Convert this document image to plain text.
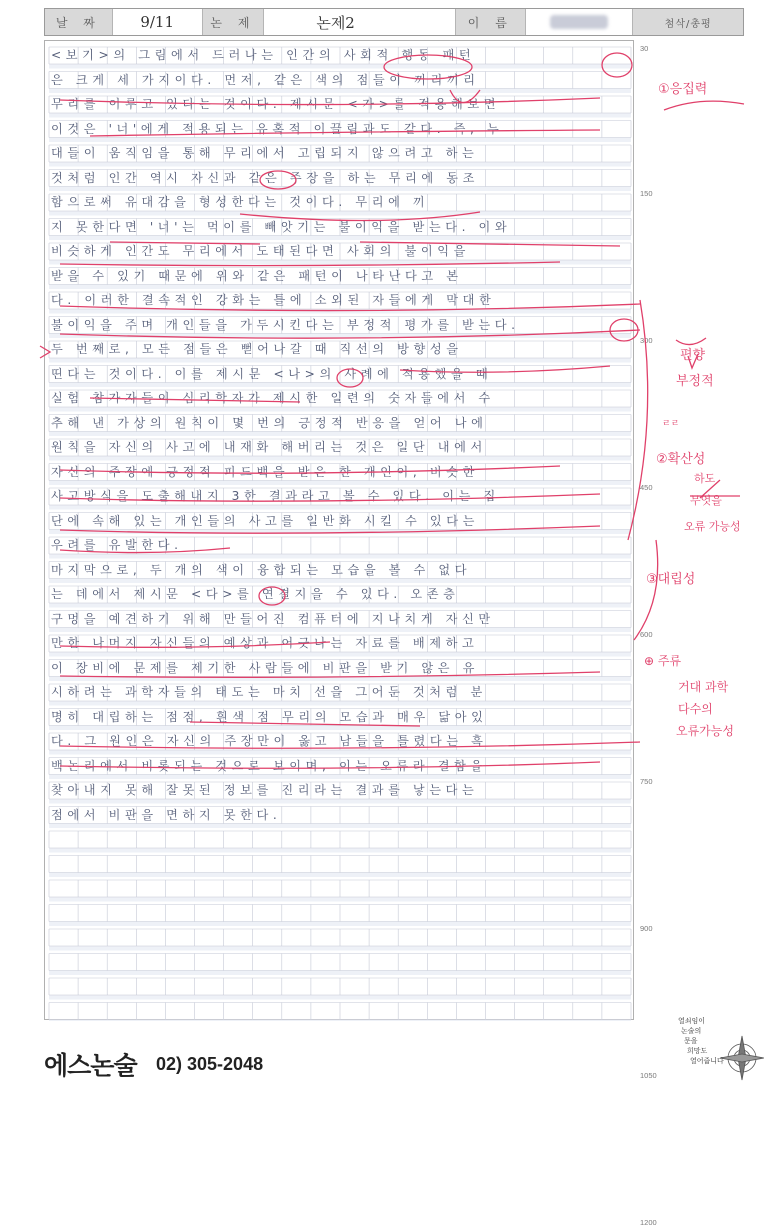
날 짜	9/11	논 제	논제2	이 름	첨삭/총평
<보기>의 그림에서 드러나는 인간의 사회적 행동 패턴
은 크게 세 가지이다. 먼저, 같은 색의 점들이 끼리끼리
무리를 이루고 있다는 것이다. 제시문 <가>를 적용해보면
이것은 '너'에게 적용되는 유혹적 이끌림과도 같다. 즉, 누
대들이 움직임을 통해 무리에서 고립되지 않으려고 하는
것처럼 인간 역시 자신과 같은 주장을 하는 무리에 동조
함으로써 유대감을 형성한다는 것이다. 무리에 끼
지 못한다면 '너'는 먹이를 빼앗기는 불이익을 받는다. 이와
비슷하게 인간도 무리에서 도태된다면 사회의 불이익을
받을 수 있기 때문에 위와 같은 패턴이 나타난다고 본
다. 이러한 결속적인 강화는 틀에 소외된 자들에게 막대한
불이익을 주며 개인들을 가두시킨다는 부정적 평가를 받는다.
두 번째로, 모든 점들은 뻗어나갈 때 직선의 방향성을
띤다는 것이다. 이를 제시문 <나>의 사례에 적용했을 때
실험 참가자들이 심리학자가 제시한 일련의 숫자들에서 수
추해 낸 가상의 원칙이 몇 번의 긍정적 반응을 얻어 나에
원칙을 자신의 사고에 내재화 해버리는 것은 일단 내에서
자신의 주장에 긍정적 피드백을 받은 한 개인이, 비슷한
사고방식을 도출해내지 3한 결과라고 볼 수 있다. 이는 집
단에 속해 있는 개인들의 사고를 일반화 시킬 수 있다는
우려를 유발한다.
마지막으로, 두 개의 색이 융합되는 모습을 볼 수 없다
는 데에서 제시문 <다>를 연결지을 수 있다. 오존층
구멍을 예견하기 위해 만들어진 컴퓨터에 지나치게 자신만
만한 나머지 자신들의 예상과 어긋나는 자료를 배제하고
이 장비에 문제를 제기한 사람들에 비판을 받기 않은 유
시하려는 과학자들의 태도는 마치 선을 그어둔 것처럼 분
명히 대립하는 점점, 흰색 점 무리의 모습과 매우 닮아있
다. 그 원인은 자신의 주장만이 옳고 남들을 틀렸다는 흑
백논리에서 비롯되는 것으로 보이며, 이는 오류라 결함을
찾아내지 못해 잘못된 정보를 진리라는 결과를 낳는다는
점에서 비판을 면하지 못한다.
30
150
300
450
600
750
900
1050
1200
①응집력
ㄹㄹ
편향
부정적
②확산성
하도
무엇을
오류 가능성
③대립성
⊕ 주류
거대 과학
다수의
오류가능성
에스논술 02) 305-2048
열쇠임이
논술의
문을
희망도
열어줍니다
